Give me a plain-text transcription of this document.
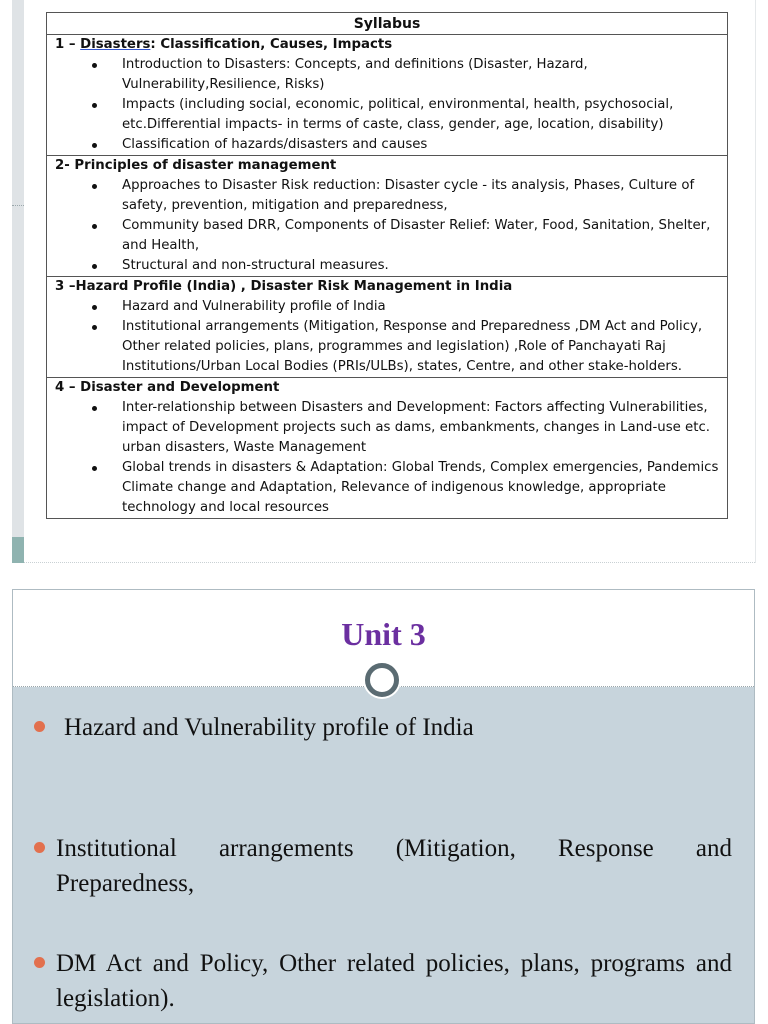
Syllabus

1 – Disasters: Classification, Causes, Impacts
Introduction to Disasters: Concepts, and definitions (Disaster, Hazard, Vulnerability,Resilience, Risks)
Impacts (including social, economic, political, environmental, health, psychosocial, etc.Differential impacts- in terms of caste, class, gender, age, location, disability)
Classification of hazards/disasters and causes

2- Principles of disaster management
Approaches to Disaster Risk reduction: Disaster cycle - its analysis, Phases, Culture of safety, prevention, mitigation and preparedness,
Community based DRR, Components of Disaster Relief: Water, Food, Sanitation, Shelter, and Health,
Structural and non-structural measures.

3 –Hazard Profile (India) , Disaster Risk Management in India
Hazard and Vulnerability profile of India
Institutional arrangements (Mitigation, Response and Preparedness ,DM Act and Policy, Other related policies, plans, programmes and legislation) ,Role of Panchayati Raj Institutions/Urban Local Bodies (PRIs/ULBs), states, Centre, and other stake-holders.

4 – Disaster and Development
Inter-relationship between Disasters and Development: Factors affecting Vulnerabilities, impact of Development projects such as dams, embankments, changes in Land-use etc. urban disasters, Waste Management
Global trends in disasters & Adaptation: Global Trends, Complex emergencies, Pandemics Climate change and Adaptation, Relevance of indigenous knowledge, appropriate technology and local resources
Unit 3
Hazard and Vulnerability profile of India
Institutional arrangements (Mitigation, Response and Preparedness,
DM Act and Policy, Other related policies, plans, programs and legislation).
